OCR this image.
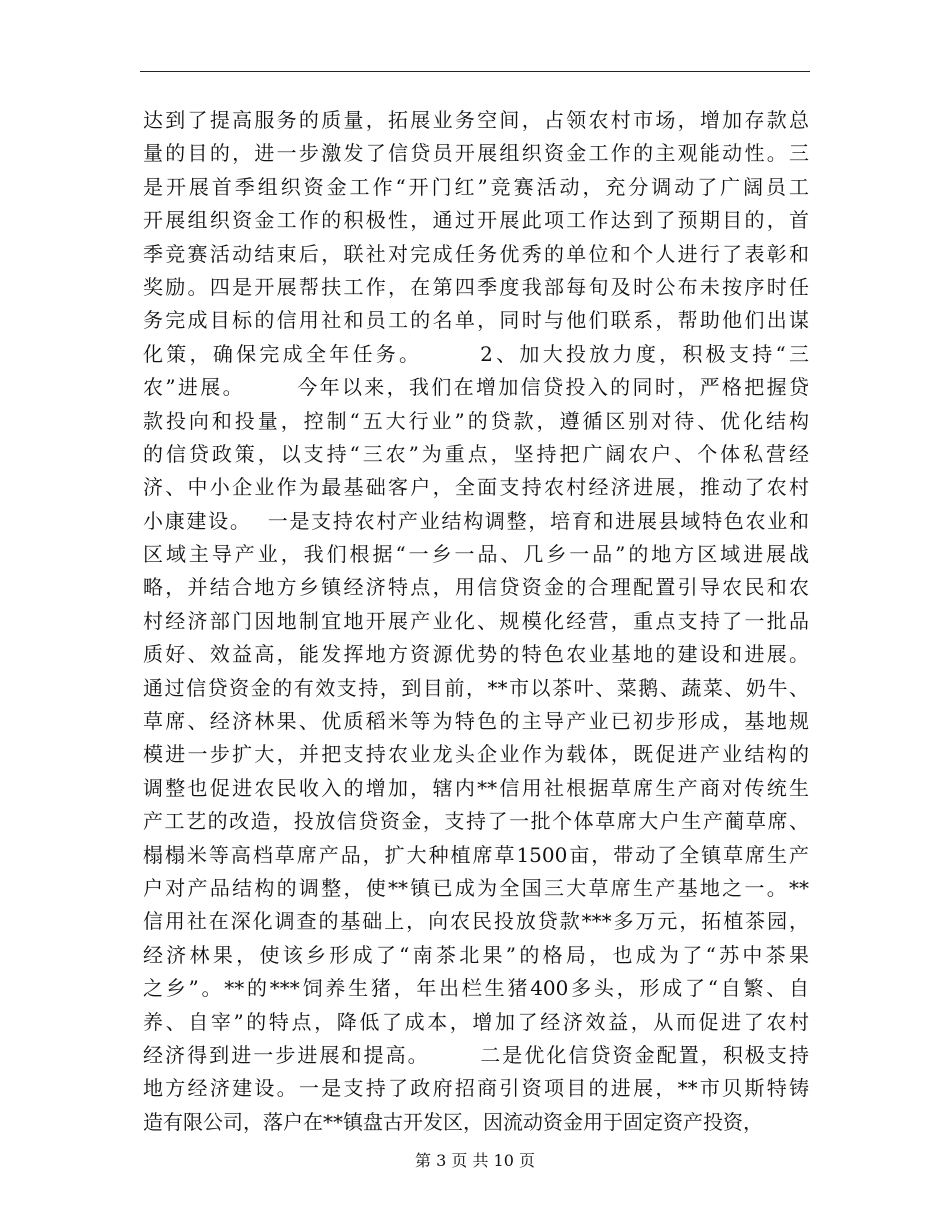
达到了提高服务的质量，拓展业务空间，占领农村市场，增加存款总
量的目的，进一步激发了信贷员开展组织资金工作的主观能动性。三
是开展首季组织资金工作“开门红”竞赛活动，充分调动了广阔员工
开展组织资金工作的积极性，通过开展此项工作达到了预期目的，首
季竞赛活动结束后，联社对完成任务优秀的单位和个人进行了表彰和
奖励。四是开展帮扶工作，在第四季度我部每旬及时公布未按序时任
务完成目标的信用社和员工的名单，同时与他们联系，帮助他们出谋
化策，确保完成全年任务。      2、加大投放力度，积极支持“三
农”进展。      今年以来，我们在增加信贷投入的同时，严格把握贷
款投向和投量，控制“五大行业”的贷款，遵循区别对待、优化结构
的信贷政策，以支持“三农”为重点，坚持把广阔农户、个体私营经
济、中小企业作为最基础客户，全面支持农村经济进展，推动了农村
小康建设。  一是支持农村产业结构调整，培育和进展县域特色农业和
区域主导产业，我们根据“一乡一品、几乡一品”的地方区域进展战
略，并结合地方乡镇经济特点，用信贷资金的合理配置引导农民和农
村经济部门因地制宜地开展产业化、规模化经营，重点支持了一批品
质好、效益高，能发挥地方资源优势的特色农业基地的建设和进展。
通过信贷资金的有效支持，到目前，**市以茶叶、菜鹅、蔬菜、奶牛、
草席、经济林果、优质稻米等为特色的主导产业已初步形成，基地规
模进一步扩大，并把支持农业龙头企业作为载体，既促进产业结构的
调整也促进农民收入的增加，辖内**信用社根据草席生产商对传统生
产工艺的改造，投放信贷资金，支持了一批个体草席大户生产蔺草席、
榻榻米等高档草席产品，扩大种植席草1500亩，带动了全镇草席生产
户对产品结构的调整，使**镇已成为全国三大草席生产基地之一。**
信用社在深化调查的基础上，向农民投放贷款***多万元，拓植茶园，
经济林果，使该乡形成了“南茶北果”的格局，也成为了“苏中茶果
之乡”。**的***饲养生猪，年出栏生猪400多头，形成了“自繁、自
养、自宰”的特点，降低了成本，增加了经济效益，从而促进了农村
经济得到进一步进展和提高。      二是优化信贷资金配置，积极支持
地方经济建设。一是支持了政府招商引资项目的进展，**市贝斯特铸
造有限公司，落户在**镇盘古开发区，因流动资金用于固定资产投资，
第 3 页 共 10 页
